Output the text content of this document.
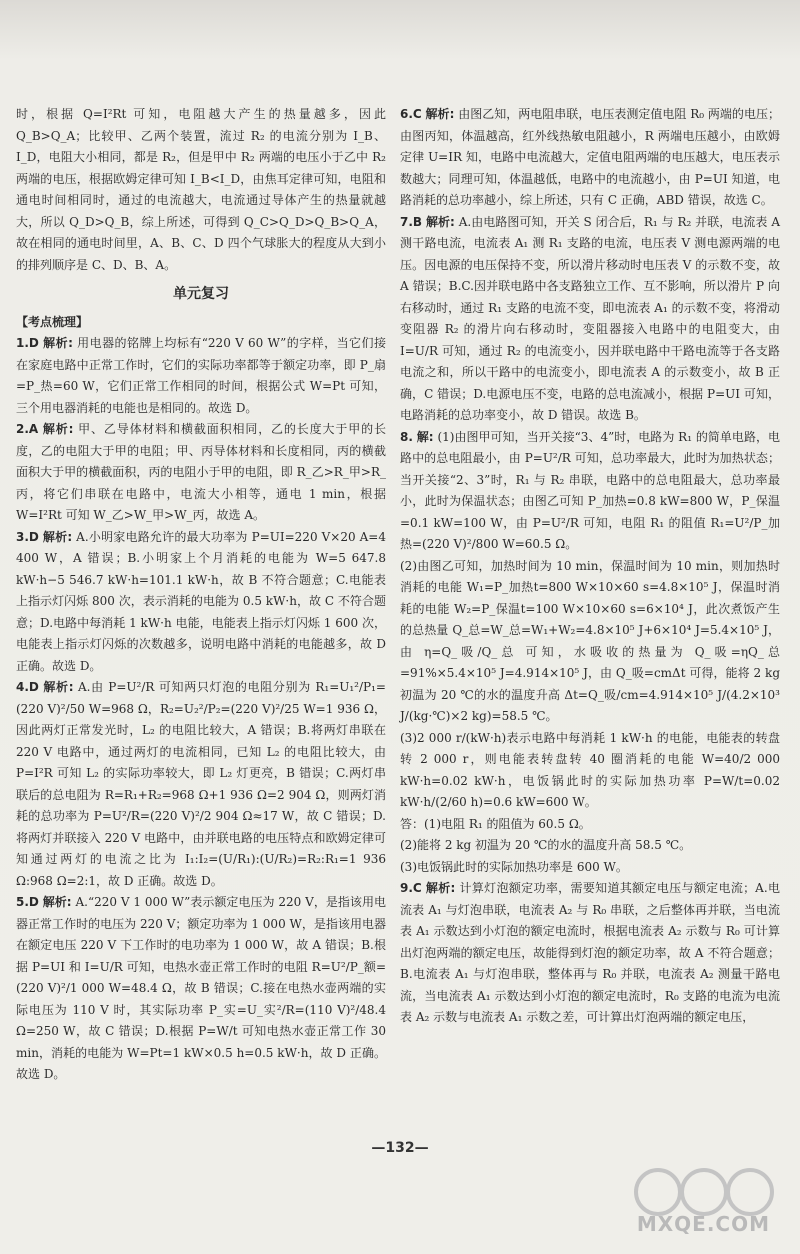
时，根据 Q=I²Rt 可知，电阻越大产生的热量越多，因此 Q_B>Q_A；比较甲、乙两个装置，流过 R₂ 的电流分别为 I_B、I_D，电阻大小相同，都是 R₂，但是甲中 R₂ 两端的电压小于乙中 R₂ 两端的电压，根据欧姆定律可知 I_B<I_D，由焦耳定律可知，电阻和通电时间相同时，通过的电流越大，电流通过导体产生的热量就越大，所以 Q_D>Q_B，综上所述，可得到 Q_C>Q_D>Q_B>Q_A，故在相同的通电时间里，A、B、C、D 四个气球胀大的程度从大到小的排列顺序是 C、D、B、A。

单元复习
【考点梳理】

1.D 解析: 用电器的铭牌上均标有“220 V 60 W”的字样，当它们接在家庭电路中正常工作时，它们的实际功率都等于额定功率，即 P_扇=P_热=60 W，它们正常工作相同的时间，根据公式 W=Pt 可知，三个用电器消耗的电能也是相同的。故选 D。

2.A 解析: 甲、乙导体材料和横截面积相同，乙的长度大于甲的长度，乙的电阻大于甲的电阻；甲、丙导体材料和长度相同，丙的横截面积大于甲的横截面积，丙的电阻小于甲的电阻，即 R_乙>R_甲>R_丙，将它们串联在电路中，电流大小相等，通电 1 min，根据 W=I²Rt 可知 W_乙>W_甲>W_丙，故选 A。

3.D 解析: A.小明家电路允许的最大功率为 P=UI=220 V×20 A=4 400 W，A 错误；B.小明家上个月消耗的电能为 W=5 647.8 kW·h−5 546.7 kW·h=101.1 kW·h，故 B 不符合题意；C.电能表上指示灯闪烁 800 次，表示消耗的电能为 0.5 kW·h，故 C 不符合题意；D.电路中每消耗 1 kW·h 电能，电能表上指示灯闪烁 1 600 次，电能表上指示灯闪烁的次数越多，说明电路中消耗的电能越多，故 D 正确。故选 D。

4.D 解析: A.由 P=U²/R 可知两只灯泡的电阻分别为 R₁=U₁²/P₁=(220 V)²/50 W=968 Ω，R₂=U₂²/P₂=(220 V)²/25 W=1 936 Ω，因此两灯正常发光时，L₂ 的电阻比较大，A 错误；B.将两灯串联在 220 V 电路中，通过两灯的电流相同，已知 L₂ 的电阻比较大，由 P=I²R 可知 L₂ 的实际功率较大，即 L₂ 灯更亮，B 错误；C.两灯串联后的总电阻为 R=R₁+R₂=968 Ω+1 936 Ω=2 904 Ω，则两灯消耗的总功率为 P=U²/R=(220 V)²/2 904 Ω≈17 W，故 C 错误；D.将两灯并联接入 220 V 电路中，由并联电路的电压特点和欧姆定律可知通过两灯的电流之比为 I₁:I₂=(U/R₁):(U/R₂)=R₂:R₁=1 936 Ω:968 Ω=2:1，故 D 正确。故选 D。

5.D 解析: A.“220 V 1 000 W”表示额定电压为 220 V，是指该用电器正常工作时的电压为 220 V；额定功率为 1 000 W，是指该用电器在额定电压 220 V 下工作时的电功率为 1 000 W，故 A 错误；B.根据 P=UI 和 I=U/R 可知，电热水壶正常工作时的电阻 R=U²/P_额=(220 V)²/1 000 W=48.4 Ω，故 B 错误；C.接在电热水壶两端的实际电压为 110 V 时，其实际功率 P_实=U_实²/R=(110 V)²/48.4 Ω=250 W，故 C 错误；D.根据 P=W/t 可知电热水壶正常工作 30 min，消耗的电能为 W=Pt=1 kW×0.5 h=0.5 kW·h，故 D 正确。故选 D。

6.C 解析: 由图乙知，两电阻串联，电压表测定值电阻 R₀ 两端的电压；由图丙知，体温越高，红外线热敏电阻越小，R 两端电压越小，由欧姆定律 U=IR 知，电路中电流越大，定值电阻两端的电压越大，电压表示数越大；同理可知，体温越低，电路中的电流越小，由 P=UI 知道，电路消耗的总功率越小，综上所述，只有 C 正确，ABD 错误，故选 C。

7.B 解析: A.由电路图可知，开关 S 闭合后，R₁ 与 R₂ 并联，电流表 A 测干路电流，电流表 A₁ 测 R₁ 支路的电流，电压表 V 测电源两端的电压。因电源的电压保持不变，所以滑片移动时电压表 V 的示数不变，故 A 错误；B.C.因并联电路中各支路独立工作、互不影响，所以滑片 P 向右移动时，通过 R₁ 支路的电流不变，即电流表 A₁ 的示数不变，将滑动变阻器 R₂ 的滑片向右移动时，变阻器接入电路中的电阻变大，由 I=U/R 可知，通过 R₂ 的电流变小，因并联电路中干路电流等于各支路电流之和，所以干路中的电流变小，即电流表 A 的示数变小，故 B 正确，C 错误；D.电源电压不变，电路的总电流减小，根据 P=UI 可知，电路消耗的总功率变小，故 D 错误。故选 B。

8. 解: (1)由图甲可知，当开关接“3、4”时，电路为 R₁ 的简单电路，电路中的总电阻最小，由 P=U²/R 可知，总功率最大，此时为加热状态；当开关接“2、3”时，R₁ 与 R₂ 串联，电路中的总电阻最大，总功率最小，此时为保温状态；由图乙可知 P_加热=0.8 kW=800 W，P_保温=0.1 kW=100 W，由 P=U²/R 可知，电阻 R₁ 的阻值 R₁=U²/P_加热=(220 V)²/800 W=60.5 Ω。

(2)由图乙可知，加热时间为 10 min，保温时间为 10 min，则加热时消耗的电能 W₁=P_加热t=800 W×10×60 s=4.8×10⁵ J，保温时消耗的电能 W₂=P_保温t=100 W×10×60 s=6×10⁴ J，此次煮饭产生的总热量 Q_总=W_总=W₁+W₂=4.8×10⁵ J+6×10⁴ J=5.4×10⁵ J，由 η=Q_吸/Q_总 可知，水吸收的热量为 Q_吸=ηQ_总=91%×5.4×10⁵ J=4.914×10⁵ J，由 Q_吸=cmΔt 可得，能将 2 kg 初温为 20 ℃的水的温度升高 Δt=Q_吸/cm=4.914×10⁵ J/(4.2×10³ J/(kg·℃)×2 kg)=58.5 ℃。

(3)2 000 r/(kW·h)表示电路中每消耗 1 kW·h 的电能，电能表的转盘转 2 000 r，则电能表转盘转 40 圈消耗的电能 W=40/2 000 kW·h=0.02 kW·h，电饭锅此时的实际加热功率 P=W/t=0.02 kW·h/(2/60 h)=0.6 kW=600 W。

答：(1)电阻 R₁ 的阻值为 60.5 Ω。

(2)能将 2 kg 初温为 20 ℃的水的温度升高 58.5 ℃。

(3)电饭锅此时的实际加热功率是 600 W。

9.C 解析: 计算灯泡额定功率，需要知道其额定电压与额定电流；A.电流表 A₁ 与灯泡串联，电流表 A₂ 与 R₀ 串联，之后整体再并联，当电流表 A₁ 示数达到小灯泡的额定电流时，根据电流表 A₂ 示数与 R₀ 可计算出灯泡两端的额定电压，故能得到灯泡的额定功率，故 A 不符合题意；B.电流表 A₁ 与灯泡串联，整体再与 R₀ 并联，电流表 A₂ 测量干路电流，当电流表 A₁ 示数达到小灯泡的额定电流时，R₀ 支路的电流为电流表 A₂ 示数与电流表 A₁ 示数之差，可计算出灯泡两端的额定电压，

—132—
MXQE.COM
